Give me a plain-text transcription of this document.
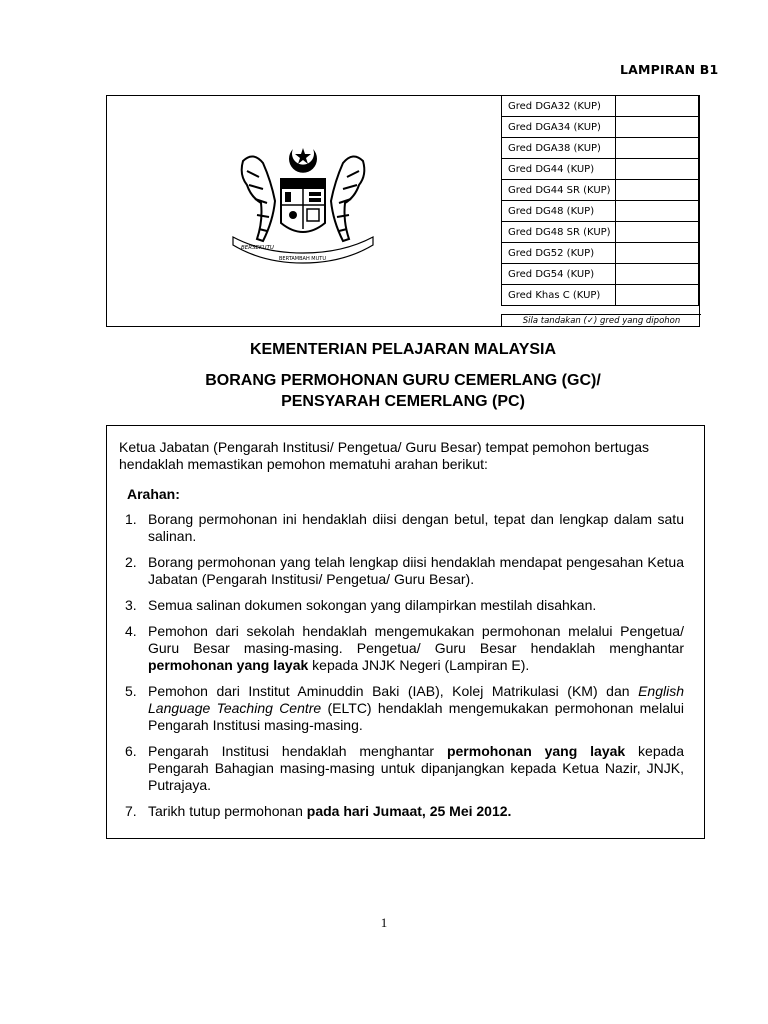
LAMPIRAN B1
BERSEKUTU
BERTAMBAH MUTU
Gred DGA32 (KUP)	
Gred DGA34 (KUP)	
Gred DGA38 (KUP)	
Gred DG44 (KUP)	
Gred DG44 SR (KUP)	
Gred DG48 (KUP)	
Gred DG48 SR (KUP)	
Gred DG52 (KUP)	
Gred DG54 (KUP)	
Gred Khas C (KUP)	
Sila tandakan (✓) gred yang dipohon
KEMENTERIAN PELAJARAN MALAYSIA
BORANG PERMOHONAN GURU CEMERLANG (GC)/
PENSYARAH CEMERLANG (PC)

Ketua Jabatan (Pengarah Institusi/ Pengetua/ Guru Besar) tempat pemohon bertugas hendaklah memastikan pemohon mematuhi arahan berikut:

Arahan:
1. Borang permohonan ini hendaklah diisi dengan betul, tepat dan lengkap dalam satu salinan.
2. Borang permohonan yang telah lengkap diisi hendaklah mendapat pengesahan Ketua Jabatan (Pengarah Institusi/ Pengetua/ Guru Besar).
3. Semua salinan dokumen sokongan yang dilampirkan mestilah disahkan.
4. Pemohon dari sekolah hendaklah mengemukakan permohonan melalui Pengetua/ Guru Besar masing-masing. Pengetua/ Guru Besar hendaklah menghantar permohonan yang layak kepada JNJK Negeri (Lampiran E).
5. Pemohon dari Institut Aminuddin Baki (IAB), Kolej Matrikulasi (KM) dan English Language Teaching Centre (ELTC) hendaklah mengemukakan permohonan melalui Pengarah Institusi masing-masing.
6. Pengarah Institusi hendaklah menghantar permohonan yang layak kepada Pengarah Bahagian masing-masing untuk dipanjangkan kepada Ketua Nazir, JNJK, Putrajaya.
7. Tarikh tutup permohonan pada hari Jumaat, 25 Mei 2012.
1
